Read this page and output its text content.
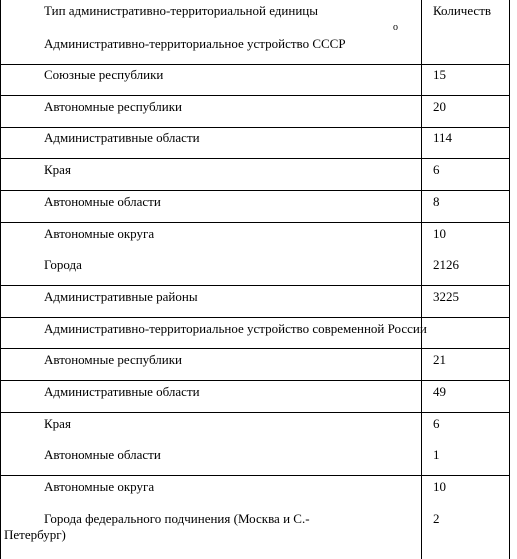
Тип административно-территориальной единицы	Количеств
о
Административно-территориальное устройство СССР
Союзные республики	15
Автономные республики	20
Административные области	114
Края	6
Автономные области	8
Автономные округа	10
Города	2126
Административные районы	3225
Административно-территориальное устройство современной России
Автономные республики	21
Административные области	49
Края	6
Автономные области	1
Автономные округа	10
Города федерального подчинения (Москва и С.-	2
Петербург)
